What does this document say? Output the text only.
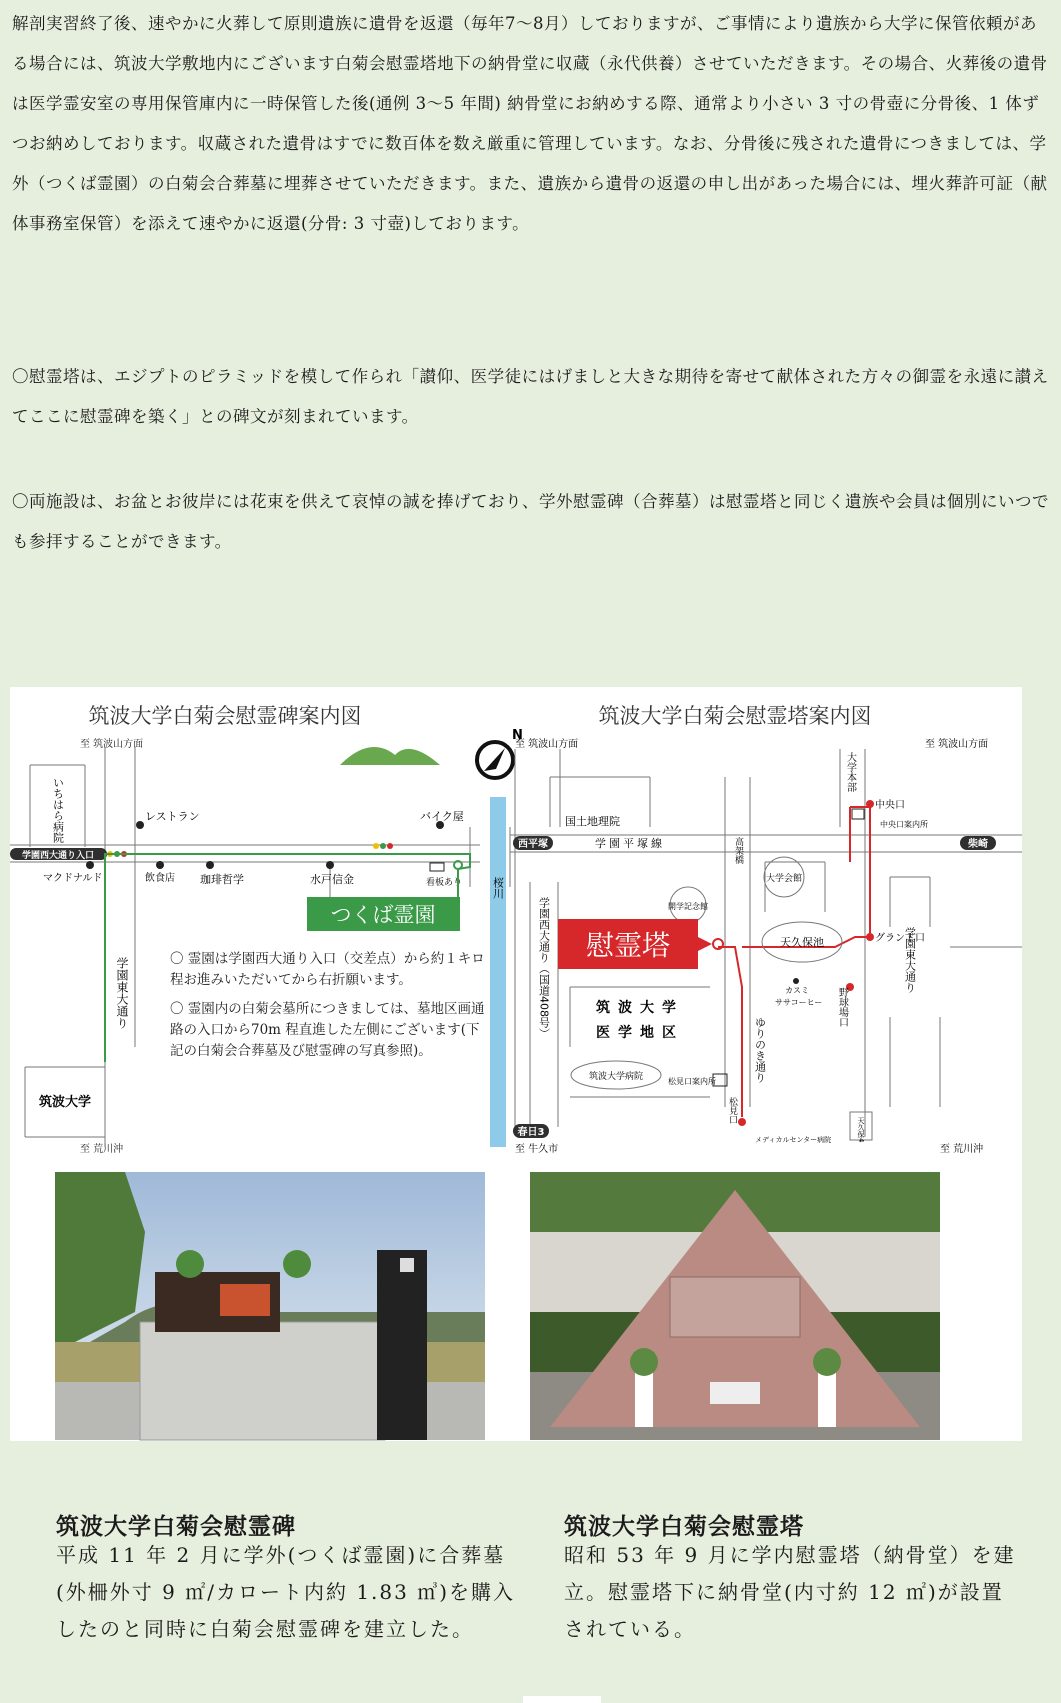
解剖実習終了後、速やかに火葬して原則遺族に遺骨を返還（毎年7〜8月）しておりますが、ご事情により遺族から大学に保管依頼がある場合には、筑波大学敷地内にございます白菊会慰霊塔地下の納骨堂に収蔵（永代供養）させていただきます。その場合、火葬後の遺骨は医学霊安室の専用保管庫内に一時保管した後(通例 3〜5 年間) 納骨堂にお納めする際、通常より小さい 3 寸の骨壺に分骨後、1 体ずつお納めしております。収蔵された遺骨はすでに数百体を数え厳重に管理しています。なお、分骨後に残された遺骨につきましては、学外（つくば霊園）の白菊会合葬墓に埋葬させていただきます。また、遺族から遺骨の返還の申し出があった場合には、埋火葬許可証（献体事務室保管）を添えて速やかに返還(分骨: 3 寸壺)しております。

〇慰霊塔は、エジプトのピラミッドを模して作られ「讃仰、医学徒にはげましと大きな期待を寄せて献体された方々の御霊を永遠に讃えてここに慰霊碑を築く」との碑文が刻まれています。

〇両施設は、お盆とお彼岸には花束を供えて哀悼の誠を捧げており、学外慰霊碑（合葬墓）は慰霊塔と同じく遺族や会員は個別にいつでも参拝することができます。

筑波大学白菊会慰霊碑案内図
至 筑波山方面
至 荒川沖
N
桜川
いちはら病院	レストラン	バイク屋
学園西大通り入口
マクドナルド	飲食店 珈琲哲学	水戸信金	看板あり
つくば霊園
学園東大通り
筑波大学
〇 霊園は学園西大通り入口（交差点）から約１キロ程お進みいただいてから右折願います。
〇 霊園内の白菊会墓所につきましては、墓地区画通路の入口から70m 程直進した左側にございます(下記の白菊会合葬墓及び慰霊碑の写真参照)。
筑波大学白菊会慰霊塔案内図
至 筑波山方面	至 筑波山方面
至 牛久市	至 荒川沖
国土地理院
西平塚	学園平塚線	高架橋
大学会館
大学本部
中央口
中央口案内所
柴崎
開学記念館
慰霊塔	天久保池	グランド口
カスミ
ササコーヒー 野球場口
ゆりのき通り
学園西大通り（国道408号）	筑波大学
医学地区
筑波大学病院	松見口案内所
春日3
松見口
メディカルセンター病院
学園東大通り
天久保4
筑波大学白菊会慰霊碑

平成 11 年 2 月に学外(つくば霊園)に合葬墓(外柵外寸 9 ㎡/カロート内約 1.83 ㎥)を購入したのと同時に白菊会慰霊碑を建立した。

筑波大学白菊会慰霊塔

昭和 53 年 9 月に学内慰霊塔（納骨堂）を建立。慰霊塔下に納骨堂(内寸約 12 ㎡)が設置されている。
